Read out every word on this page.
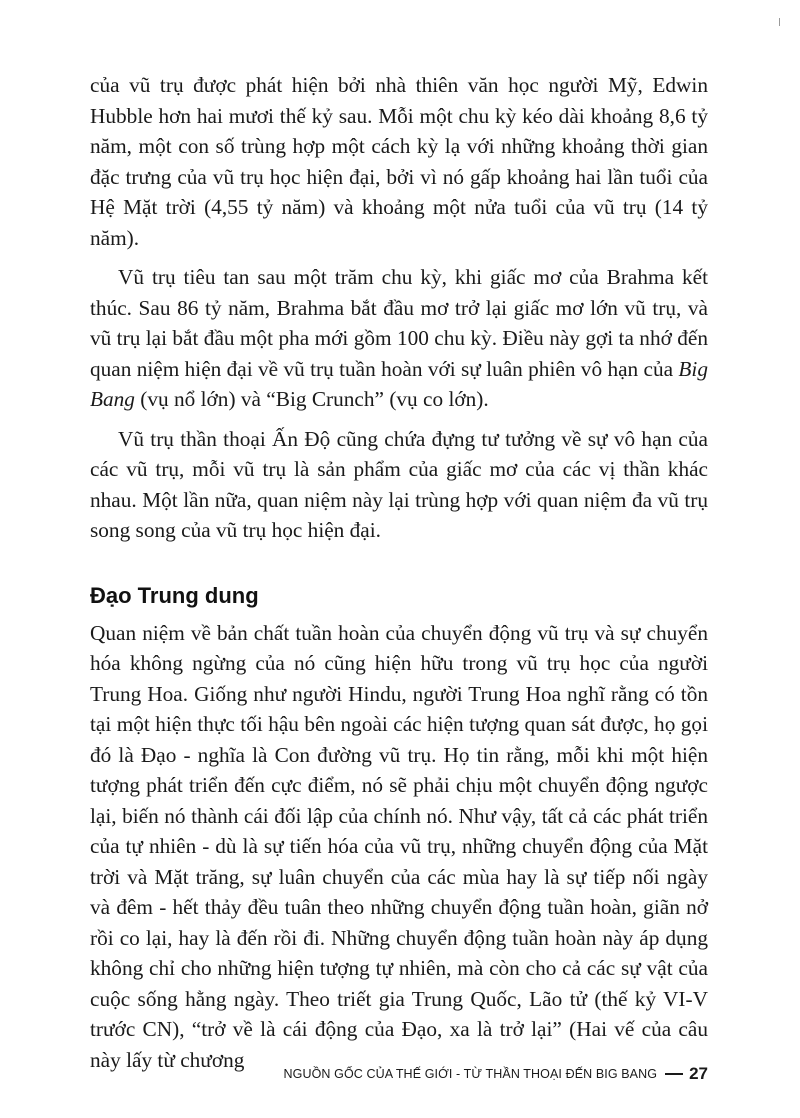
của vũ trụ được phát hiện bởi nhà thiên văn học người Mỹ, Edwin Hubble hơn hai mươi thế kỷ sau. Mỗi một chu kỳ kéo dài khoảng 8,6 tỷ năm, một con số trùng hợp một cách kỳ lạ với những khoảng thời gian đặc trưng của vũ trụ học hiện đại, bởi vì nó gấp khoảng hai lần tuổi của Hệ Mặt trời (4,55 tỷ năm) và khoảng một nửa tuổi của vũ trụ (14 tỷ năm).

Vũ trụ tiêu tan sau một trăm chu kỳ, khi giấc mơ của Brahma kết thúc. Sau 86 tỷ năm, Brahma bắt đầu mơ trở lại giấc mơ lớn vũ trụ, và vũ trụ lại bắt đầu một pha mới gồm 100 chu kỳ. Điều này gợi ta nhớ đến quan niệm hiện đại về vũ trụ tuần hoàn với sự luân phiên vô hạn của Big Bang (vụ nổ lớn) và “Big Crunch” (vụ co lớn).

Vũ trụ thần thoại Ấn Độ cũng chứa đựng tư tưởng về sự vô hạn của các vũ trụ, mỗi vũ trụ là sản phẩm của giấc mơ của các vị thần khác nhau. Một lần nữa, quan niệm này lại trùng hợp với quan niệm đa vũ trụ song song của vũ trụ học hiện đại.

Đạo Trung dung

Quan niệm về bản chất tuần hoàn của chuyển động vũ trụ và sự chuyển hóa không ngừng của nó cũng hiện hữu trong vũ trụ học của người Trung Hoa. Giống như người Hindu, người Trung Hoa nghĩ rằng có tồn tại một hiện thực tối hậu bên ngoài các hiện tượng quan sát được, họ gọi đó là Đạo - nghĩa là Con đường vũ trụ. Họ tin rằng, mỗi khi một hiện tượng phát triển đến cực điểm, nó sẽ phải chịu một chuyển động ngược lại, biến nó thành cái đối lập của chính nó. Như vậy, tất cả các phát triển của tự nhiên - dù là sự tiến hóa của vũ trụ, những chuyển động của Mặt trời và Mặt trăng, sự luân chuyển của các mùa hay là sự tiếp nối ngày và đêm - hết thảy đều tuân theo những chuyển động tuần hoàn, giãn nở rồi co lại, hay là đến rồi đi. Những chuyển động tuần hoàn này áp dụng không chỉ cho những hiện tượng tự nhiên, mà còn cho cả các sự vật của cuộc sống hằng ngày. Theo triết gia Trung Quốc, Lão tử (thế kỷ VI-V trước CN), “trở về là cái động của Đạo, xa là trở lại” (Hai vế của câu này lấy từ chương

NGUỒN GỐC CỦA THẾ GIỚI - TỪ THẦN THOẠI ĐẾN BIG BANG 27
